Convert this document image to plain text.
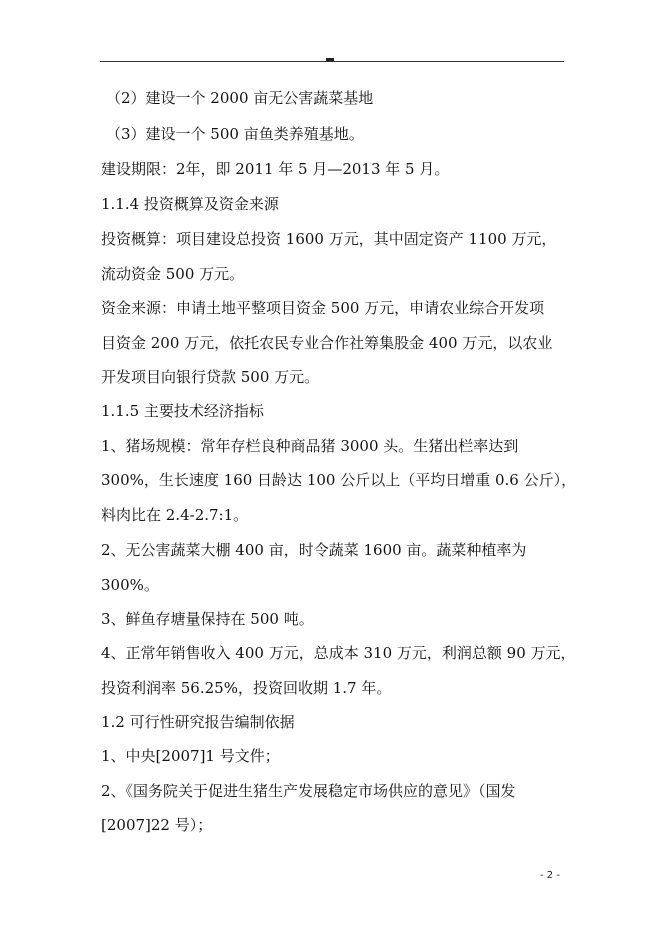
（2）建设一个 2000 亩无公害蔬菜基地
（3）建设一个 500 亩鱼类养殖基地。
建设期限：2年，即 2011 年 5 月—2013 年 5 月。
1.1.4 投资概算及资金来源
投资概算：项目建设总投资 1600 万元，其中固定资产 1100 万元，
流动资金 500 万元。
资金来源：申请土地平整项目资金 500 万元，申请农业综合开发项
目资金 200 万元，依托农民专业合作社筹集股金 400 万元，以农业
开发项目向银行贷款 500 万元。
1.1.5 主要技术经济指标
1、猪场规模：常年存栏良种商品猪 3000 头。生猪出栏率达到
300%，生长速度 160 日龄达 100 公斤以上（平均日增重 0.6 公斤），
料肉比在 2.4-2.7:1。
2、无公害蔬菜大棚 400 亩，时令蔬菜 1600 亩。蔬菜种植率为
300%。
3、鲜鱼存塘量保持在 500 吨。
4、正常年销售收入 400 万元，总成本 310 万元，利润总额 90 万元，
投资利润率 56.25%，投资回收期 1.7 年。
1.2 可行性研究报告编制依据
1、中央[2007]1 号文件；
2、《国务院关于促进生猪生产发展稳定市场供应的意见》（国发
[2007]22 号）；
- 2 -
